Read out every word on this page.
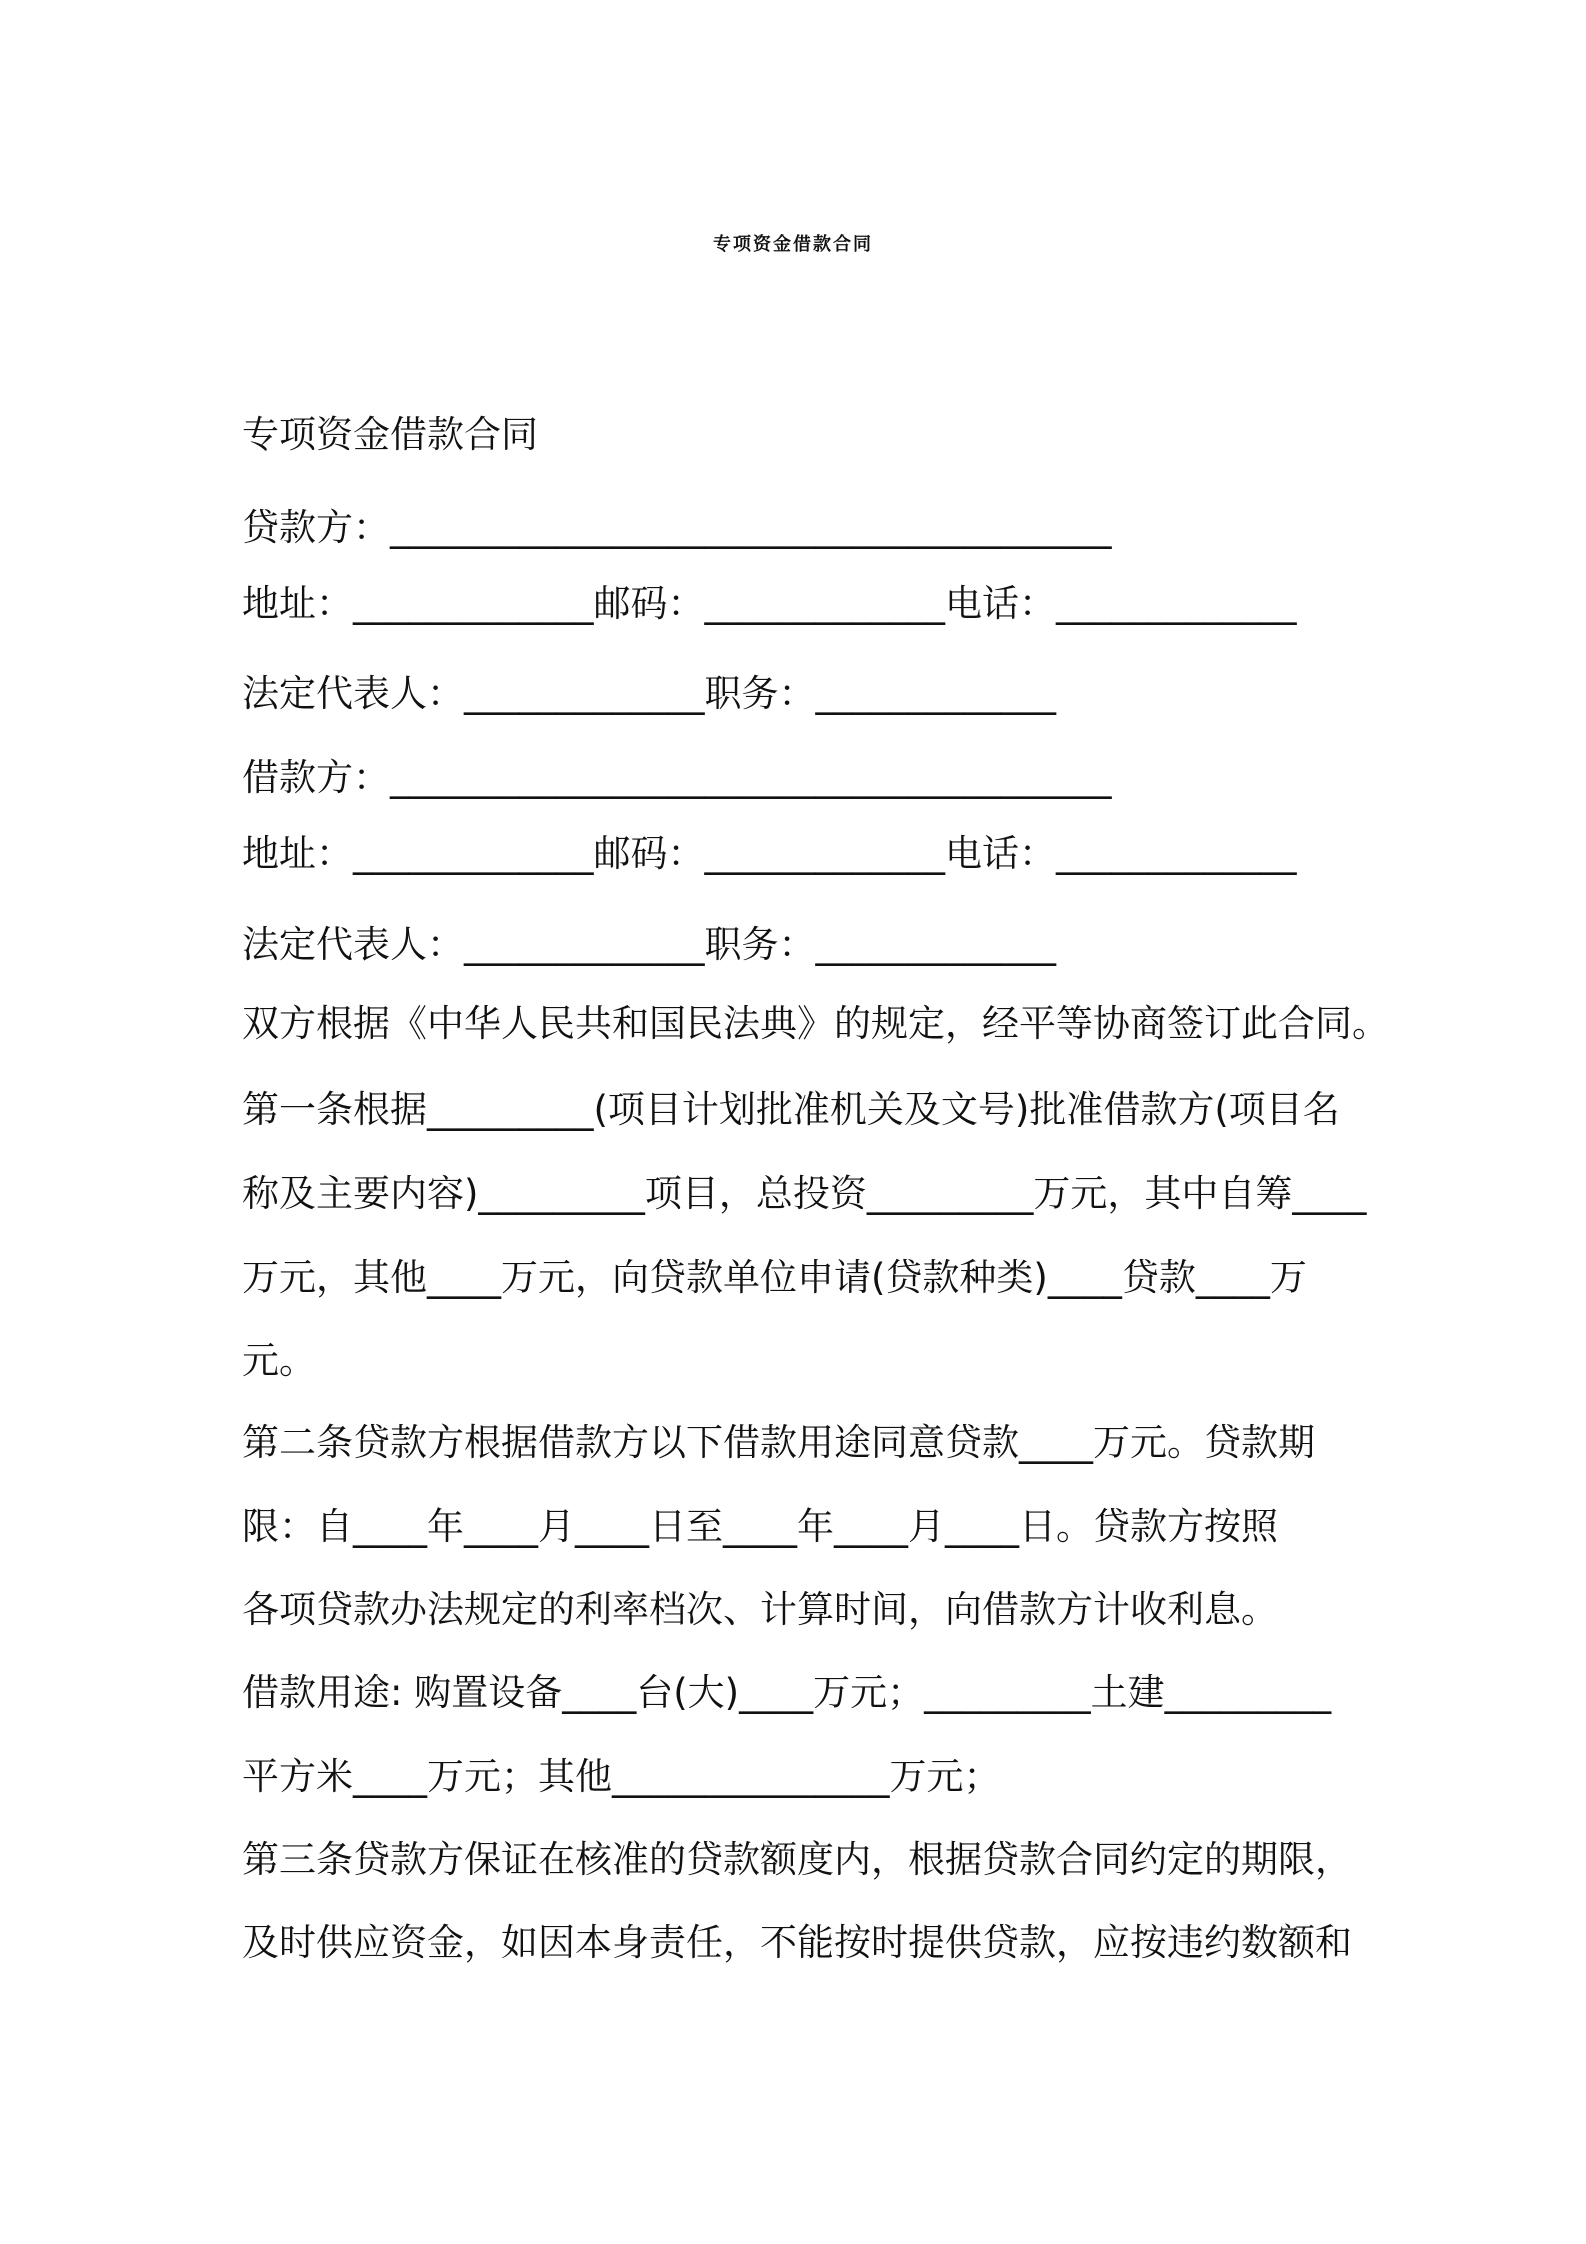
专项资金借款合同
专项资金借款合同
贷款方：_______________________________________
地址：_____________邮码：_____________电话：_____________
法定代表人：_____________职务：_____________
借款方：_______________________________________
地址：_____________邮码：_____________电话：_____________
法定代表人：_____________职务：_____________
双方根据《中华人民共和国民法典》的规定，经平等协商签订此合同。
第一条根据_________(项目计划批准机关及文号)批准借款方(项目名
称及主要内容)_________项目，总投资_________万元，其中自筹____
万元，其他____万元，向贷款单位申请(贷款种类)____贷款____万
元。
第二条贷款方根据借款方以下借款用途同意贷款____万元。贷款期
限：自____年____月____日至____年____月____日。贷款方按照
各项贷款办法规定的利率档次、计算时间，向借款方计收利息。
借款用途: 购置设备____台(大)____万元；_________土建_________
平方米____万元；其他_______________万元；
第三条贷款方保证在核准的贷款额度内，根据贷款合同约定的期限，
及时供应资金，如因本身责任，不能按时提供贷款，应按违约数额和
